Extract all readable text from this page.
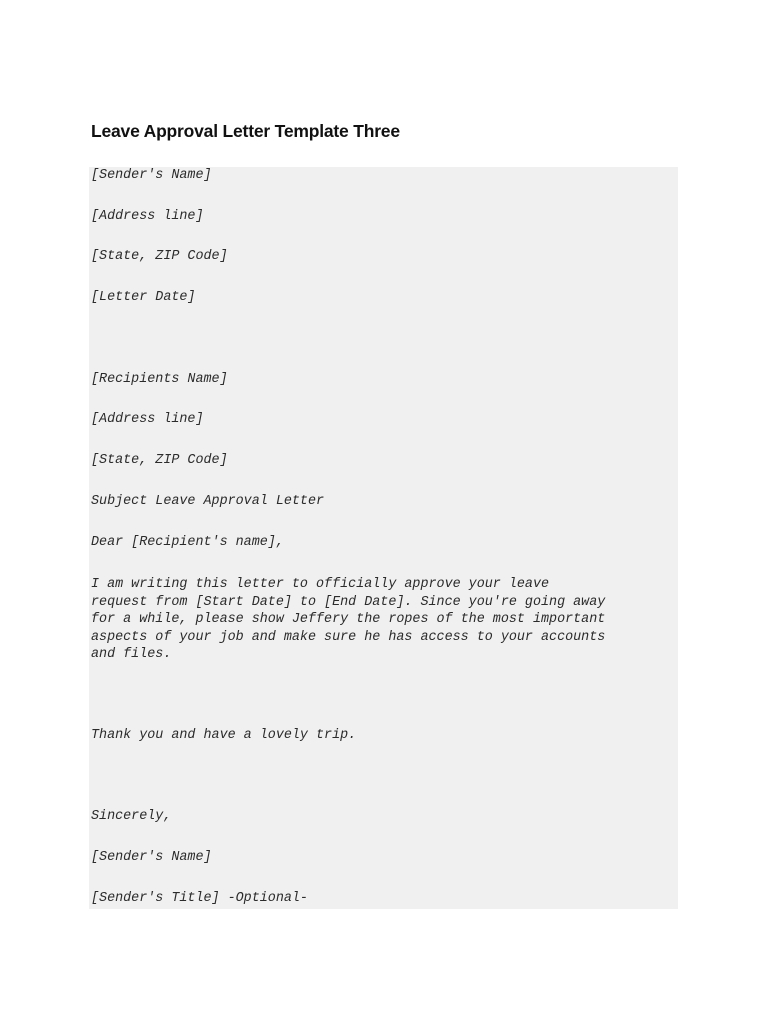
Leave Approval Letter Template Three

[Sender's Name]

[Address line]

[State, ZIP Code]

[Letter Date]

[Recipients Name]

[Address line]

[State, ZIP Code]

Subject Leave Approval Letter

Dear [Recipient's name],

I am writing this letter to officially approve your leave
request from [Start Date] to [End Date]. Since you're going away
for a while, please show Jeffery the ropes of the most important
aspects of your job and make sure he has access to your accounts
and files.

Thank you and have a lovely trip.

Sincerely,

[Sender's Name]

[Sender's Title] -Optional-
